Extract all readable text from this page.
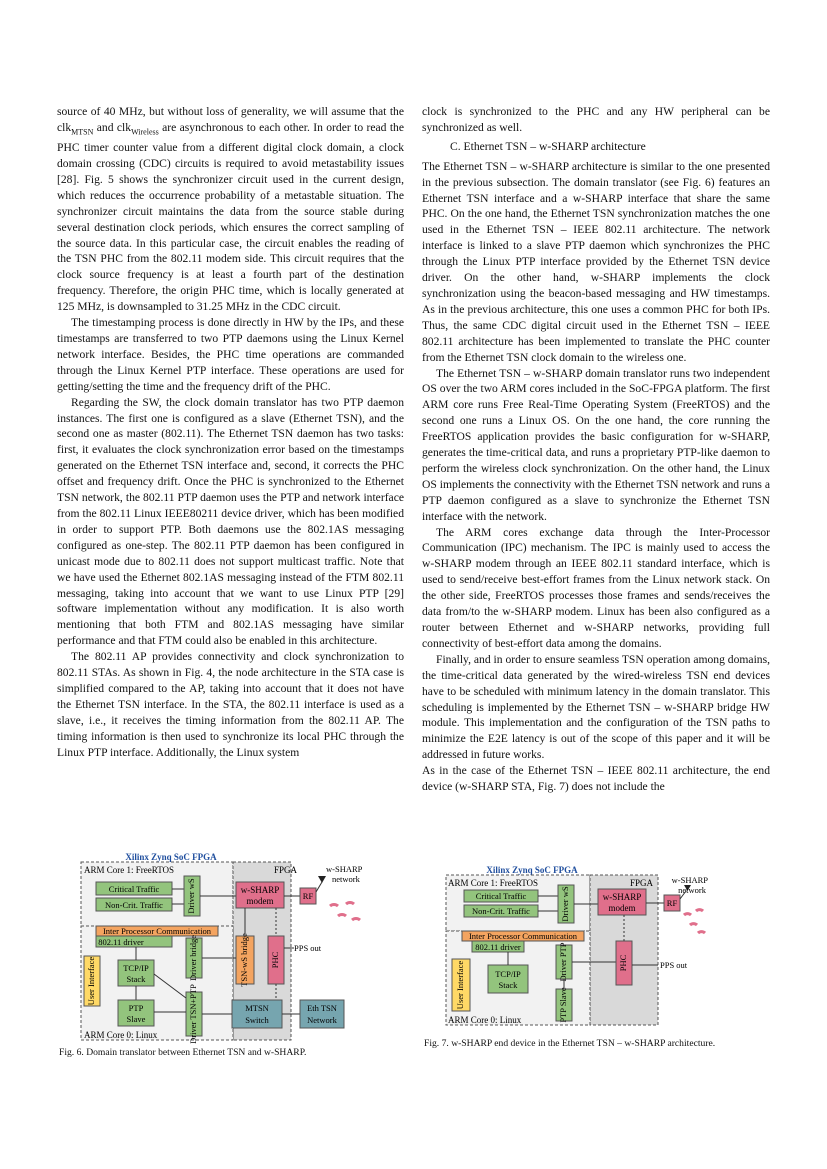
source of 40 MHz, but without loss of generality, we will assume that the clk$_{MTSN}$ and clk$_{Wireless}$ are asynchronous to each other. In order to read the PHC timer counter value from a different digital clock domain, a clock domain crossing (CDC) circuits is required to avoid metastability issues [28]. Fig. 5 shows the synchronizer circuit used in the current design, which reduces the occurrence probability of a metastable situation. The synchronizer circuit maintains the data from the source stable during several destination clock periods, which ensures the correct sampling of the source data. In this particular case, the circuit enables the reading of the TSN PHC from the 802.11 modem side. This circuit requires that the clock source frequency is at least a fourth part of the destination frequency. Therefore, the origin PHC time, which is locally generated at 125 MHz, is downsampled to 31.25 MHz in the CDC circuit.

The timestamping process is done directly in HW by the IPs, and these timestamps are transferred to two PTP daemons using the Linux Kernel network interface. Besides, the PHC time operations are commanded through the Linux Kernel PTP interface. These operations are used for getting/setting the time and the frequency drift of the PHC.

Regarding the SW, the clock domain translator has two PTP daemon instances. The first one is configured as a slave (Ethernet TSN), and the second one as master (802.11). The Ethernet TSN daemon has two tasks: first, it evaluates the clock synchronization error based on the timestamps generated on the Ethernet TSN interface and, second, it corrects the PHC offset and frequency drift. Once the PHC is synchronized to the Ethernet TSN network, the 802.11 PTP daemon uses the PTP and network interface from the 802.11 Linux IEEE80211 device driver, which has been modified in order to support PTP. Both daemons use the 802.1AS messaging configured as one-step. The 802.11 PTP daemon has been configured in unicast mode due to 802.11 does not support multicast traffic. Note that we have used the Ethernet 802.1AS messaging instead of the FTM 802.11 messaging, taking into account that we want to use Linux PTP [29] software implementation without any modification. It is also worth mentioning that both FTM and 802.1AS messaging have similar performance and that FTM could also be enabled in this architecture.

The 802.11 AP provides connectivity and clock synchronization to 802.11 STAs. As shown in Fig. 4, the node architecture in the STA case is simplified compared to the AP, taking into account that it does not have the Ethernet TSN interface. In the STA, the 802.11 interface is used as a slave, i.e., it receives the timing information from the 802.11 AP. The timing information is then used to synchronize its local PHC through the Linux PTP interface. Additionally, the Linux system

clock is synchronized to the PHC and any HW peripheral can be synchronized as well.

C. Ethernet TSN – w-SHARP architecture

The Ethernet TSN – w-SHARP architecture is similar to the one presented in the previous subsection. The domain translator (see Fig. 6) features an Ethernet TSN interface and a w-SHARP interface that share the same PHC. On the one hand, the Ethernet TSN synchronization matches the one used in the Ethernet TSN – IEEE 802.11 architecture. The network interface is linked to a slave PTP daemon which synchronizes the PHC through the Linux PTP interface provided by the Ethernet TSN device driver. On the other hand, w-SHARP implements the clock synchronization using the beacon-based messaging and HW timestamps. As in the previous architecture, this one uses a common PHC for both IPs. Thus, the same CDC digital circuit used in the Ethernet TSN – IEEE 802.11 architecture has been implemented to translate the PHC counter from the Ethernet TSN clock domain to the wireless one.

The Ethernet TSN – w-SHARP domain translator runs two independent OS over the two ARM cores included in the SoC-FPGA platform. The first ARM core runs Free Real-Time Operating System (FreeRTOS) and the second one runs a Linux OS. On the one hand, the core running the FreeRTOS application provides the basic configuration for w-SHARP, generates the time-critical data, and runs a proprietary PTP-like daemon to perform the wireless clock synchronization. On the other hand, the Linux OS implements the connectivity with the Ethernet TSN network and runs a PTP daemon configured as a slave to synchronize the Ethernet TSN interface with the network.

The ARM cores exchange data through the Inter-Processor Communication (IPC) mechanism. The IPC is mainly used to access the w-SHARP modem through an IEEE 802.11 standard interface, which is used to send/receive best-effort frames from the Linux network stack. On the other side, FreeRTOS processes those frames and sends/receives the data from/to the w-SHARP modem. Linux has been also configured as a router between Ethernet and w-SHARP networks, providing full connectivity of best-effort data among the domains.

Finally, and in order to ensure seamless TSN operation among domains, the time-critical data generated by the wired-wireless TSN end devices have to be scheduled with minimum latency in the domain translator. This scheduling is implemented by the Ethernet TSN – w-SHARP bridge HW module. This implementation and the configuration of the TSN paths to minimize the E2E latency is out of the scope of this paper and it will be addressed in future works.

As in the case of the Ethernet TSN – IEEE 802.11 architecture, the end device (w-SHARP STA, Fig. 7) does not include the

Xilinx Zynq SoC FPGA
ARM Core 1: FreeRTOS	FPGA
ARM Core 0: Linux
Critical Traffic
Non-Crit. Traffic	Driver wS	w-SHARP
modem	RF
w-SHARP
network
Inter Processor Communication
802.11 driver
User Interface	TCP/IP
Stack
PTP
Slave
Driver bridge
Driver TSN+PTP
TSN-wS bridge PHC
PPS out
MTSN
Switch
Eth TSN
Network
Fig. 6. Domain translator between Ethernet TSN and w-SHARP.
Xilinx Zynq SoC FPGA
ARM Core 1: FreeRTOS	FPGA
ARM Core 0: Linux
Critical Traffic
Non-Crit. Traffic	Driver wS	w-SHARP
modem	RF
w-SHARP
network
Inter Processor Communication
802.11 driver
User Interface	TCP/IP
Stack
Driver PTP
PTP Slave
PHC	PPS out
Fig. 7. w-SHARP end device in the Ethernet TSN – w-SHARP architecture.
